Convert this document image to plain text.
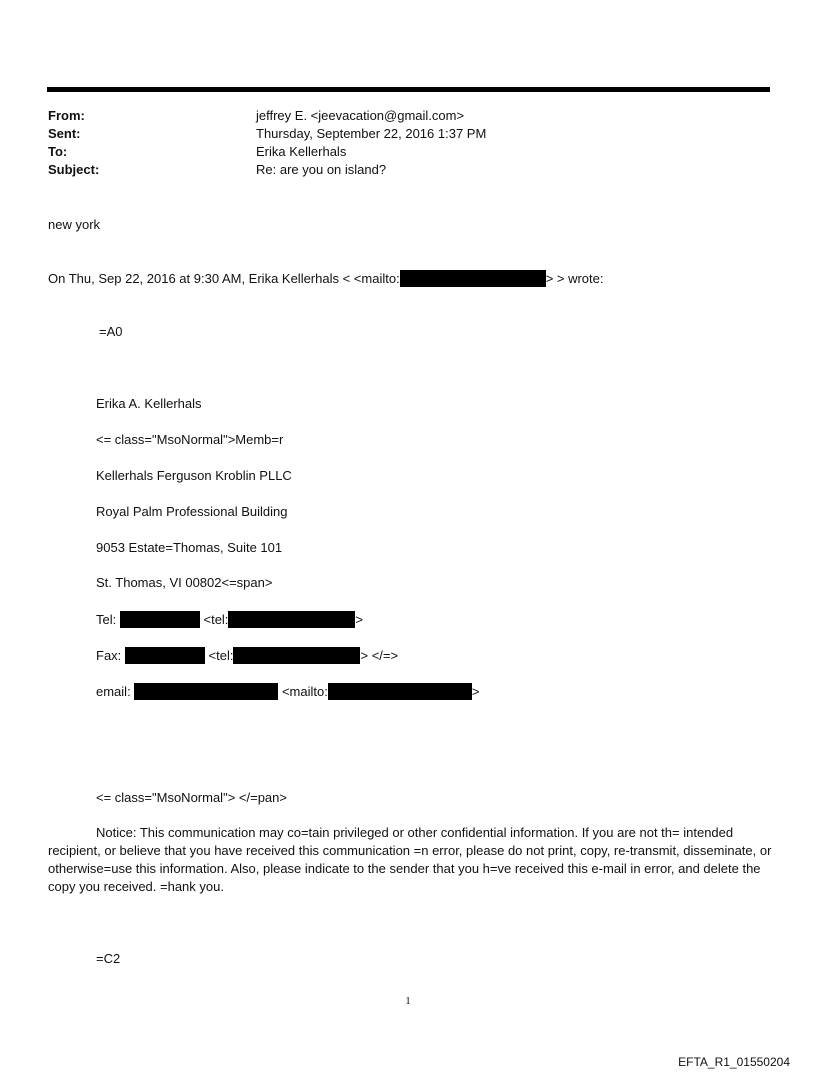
From:	jeffrey E. <jeevacation@gmail.com>
Sent:	Thursday, September 22, 2016 1:37 PM
To:	Erika Kellerhals
Subject:	Re: are you on island?
new york
On Thu, Sep 22, 2016 at 9:30 AM, Erika Kellerhals < <mailto:	> > wrote:
=A0
Erika A. Kellerhals
<= class="MsoNormal">Memb=r
Kellerhals Ferguson Kroblin PLLC
Royal Palm Professional Building
9053 Estate=Thomas, Suite 101
St. Thomas, VI 00802<=span>
Tel:	<tel:	>
Fax:	<tel:	> </=>
email:	<mailto:	>
<= class="MsoNormal"> </=pan>
Notice: This communication may co=tain privileged or other confidential information. If you are not th= intended recipient, or believe that you have received this communication =n error, please do not print, copy, re-transmit, disseminate, or otherwise=use this information. Also, please indicate to the sender that you h=ve received this e-mail in error, and delete the copy you received. =hank you.
=C2
1
EFTA_R1_01550204
